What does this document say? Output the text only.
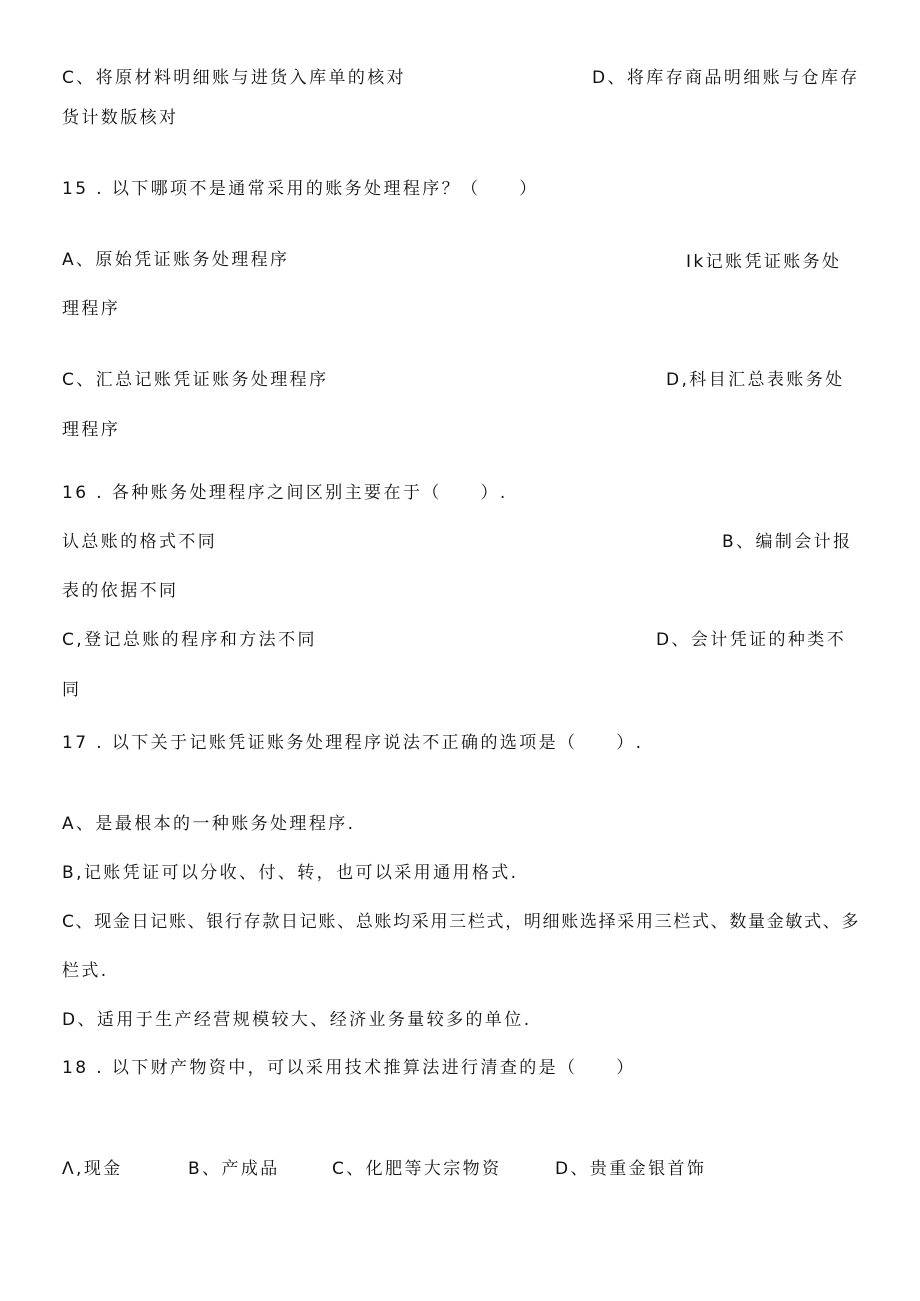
C、将原材料明细账与进货入库单的核对	D、将库存商品明细账与仓库存
货计数版核对
15 . 以下哪项不是通常采用的账务处理程序？（　　）
A、原始凭证账务处理程序	Ik记账凭证账务处
理程序
C、汇总记账凭证账务处理程序	D,科目汇总表账务处
理程序
16 . 各种账务处理程序之间区别主要在于（　　）.
认总账的格式不同	B、编制会计报
表的依据不同
C,登记总账的程序和方法不同	D、会计凭证的种类不
同
17 . 以下关于记账凭证账务处理程序说法不正确的选项是（　　）.
A、是最根本的一种账务处理程序.
B,记账凭证可以分收、付、转，也可以采用通用格式.
C、现金日记账、银行存款日记账、总账均采用三栏式，明细账选择采用三栏式、数量金敏式、多
栏式.
D、适用于生产经营规模较大、经济业务量较多的单位.
18 . 以下财产物资中，可以采用技术推算法进行清查的是（　　）
Λ,现金	B、产成品	C、化肥等大宗物资	D、贵重金银首饰
